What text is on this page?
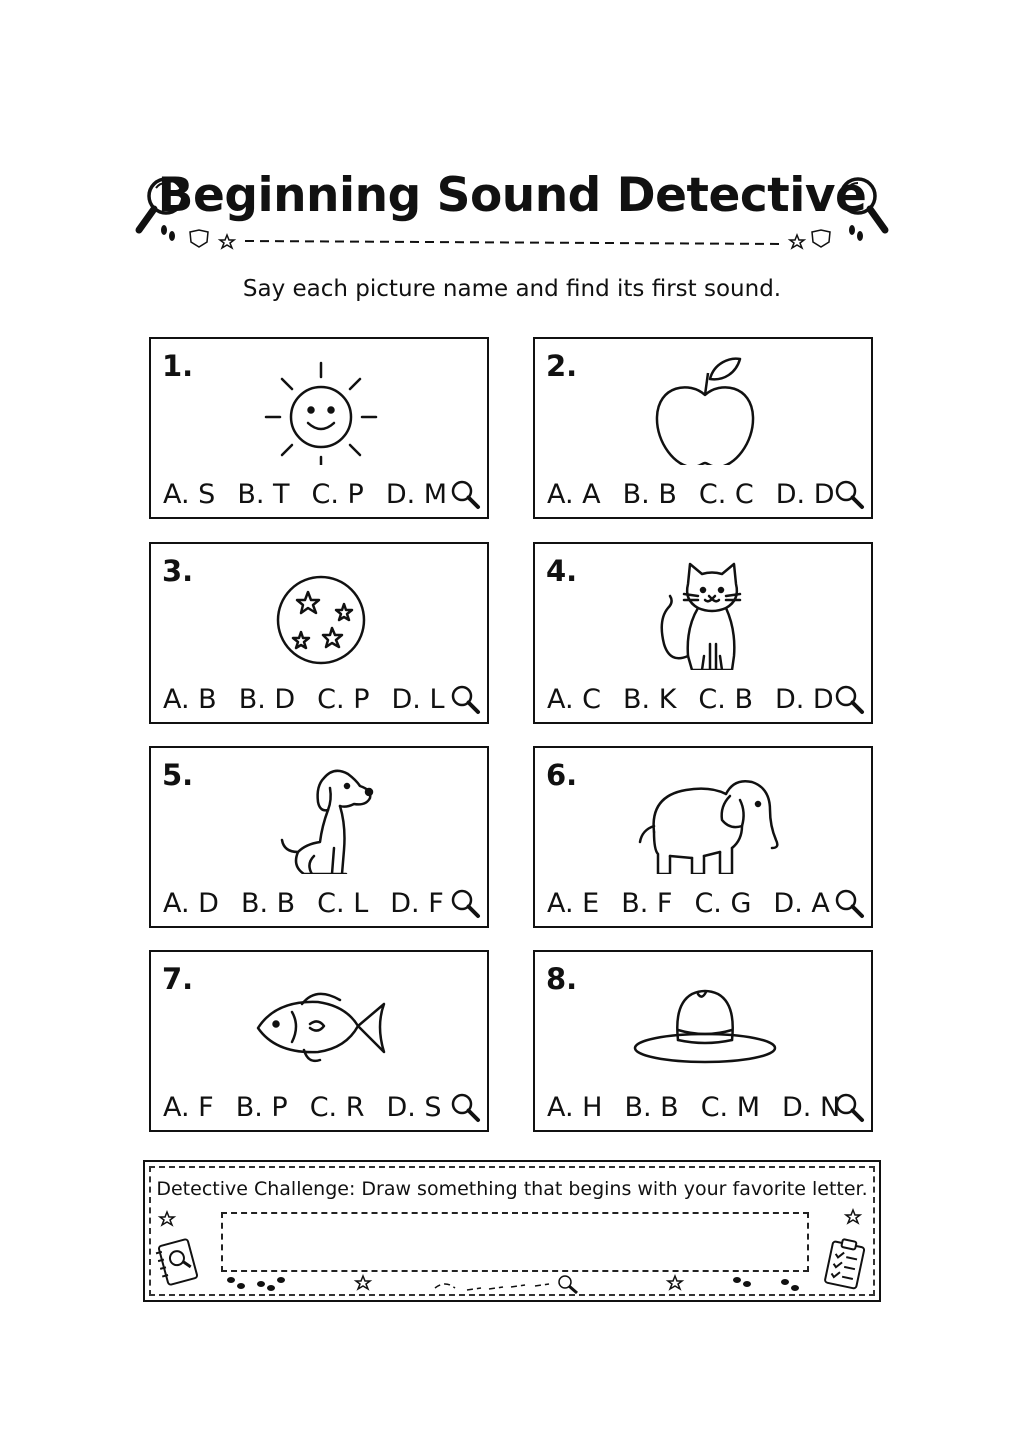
Beginning Sound Detective
Say each picture name and find its first sound.
1.
A. S B. T C. P D. M
2.
A. A B. B C. C D. D
3.
A. B B. D C. P D. L
4.
A. C B. K C. B D. D
5.
A. D B. B C. L D. F
6.
A. E B. F C. G D. A
7.
A. F B. P C. R D. S
8.
A. H B. B C. M D. N
Detective Challenge: Draw something that begins with your favorite letter.
